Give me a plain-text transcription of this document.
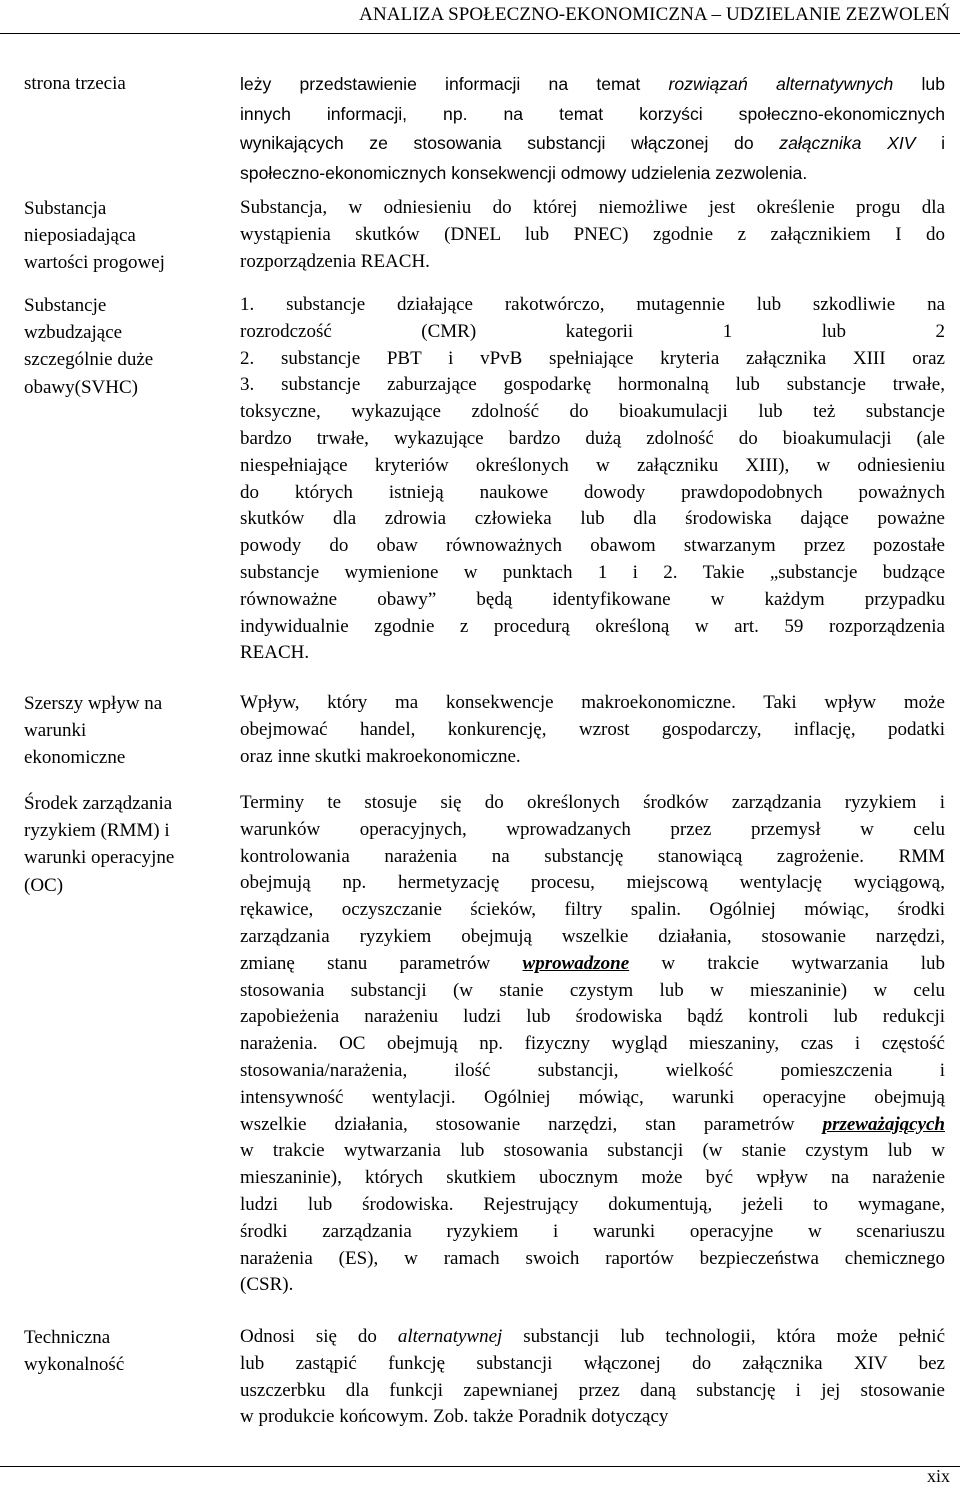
ANALIZA SPOŁECZNO-EKONOMICZNA – UDZIELANIE ZEZWOLEŃ

strona trzecia	leży przedstawienie informacji na temat rozwiązań alternatywnych lub
innych informacji, np. na temat korzyści społeczno-ekonomicznych
wynikających ze stosowania substancji włączonej do załącznika XIV i
społeczno-ekonomicznych konsekwencji odmowy udzielenia zezwolenia.

Substancja
nieposiadająca
wartości progowej

Substancja, w odniesieniu do której niemożliwe jest określenie progu dla
wystąpienia skutków (DNEL lub PNEC) zgodnie z załącznikiem I do
rozporządzenia REACH.

Substancje
wzbudzające
szczególnie duże
obawy(SVHC)

1. substancje działające rakotwórczo, mutagennie lub szkodliwie na
rozrodczość (CMR) kategorii 1 lub 2
2. substancje PBT i vPvB spełniające kryteria załącznika XIII oraz
3. substancje zaburzające gospodarkę hormonalną lub substancje trwałe,
toksyczne, wykazujące zdolność do bioakumulacji lub też substancje
bardzo trwałe, wykazujące bardzo dużą zdolność do bioakumulacji (ale
niespełniające kryteriów określonych w załączniku XIII), w odniesieniu
do których istnieją naukowe dowody prawdopodobnych poważnych
skutków dla zdrowia człowieka lub dla środowiska dające poważne
powody do obaw równoważnych obawom stwarzanym przez pozostałe
substancje wymienione w punktach 1 i 2. Takie „substancje budzące
równoważne obawy” będą identyfikowane w każdym przypadku
indywidualnie zgodnie z procedurą określoną w art. 59 rozporządzenia
REACH.

Szerszy wpływ na
warunki
ekonomiczne

Wpływ, który ma konsekwencje makroekonomiczne. Taki wpływ może
obejmować handel, konkurencję, wzrost gospodarczy, inflację, podatki
oraz inne skutki makroekonomiczne.

Środek zarządzania
ryzykiem (RMM) i
warunki operacyjne
(OC)

Terminy te stosuje się do określonych środków zarządzania ryzykiem i
warunków operacyjnych, wprowadzanych przez przemysł w celu
kontrolowania narażenia na substancję stanowiącą zagrożenie. RMM
obejmują np. hermetyzację procesu, miejscową wentylację wyciągową,
rękawice, oczyszczanie ścieków, filtry spalin. Ogólniej mówiąc, środki
zarządzania ryzykiem obejmują wszelkie działania, stosowanie narzędzi,
zmianę stanu parametrów wprowadzone w trakcie wytwarzania lub
stosowania substancji (w stanie czystym lub w mieszaninie) w celu
zapobieżenia narażeniu ludzi lub środowiska bądź kontroli lub redukcji
narażenia. OC obejmują np. fizyczny wygląd mieszaniny, czas i częstość
stosowania/narażenia, ilość substancji, wielkość pomieszczenia i
intensywność wentylacji. Ogólniej mówiąc, warunki operacyjne obejmują
wszelkie działania, stosowanie narzędzi, stan parametrów przeważających
w trakcie wytwarzania lub stosowania substancji (w stanie czystym lub w
mieszaninie), których skutkiem ubocznym może być wpływ na narażenie
ludzi lub środowiska. Rejestrujący dokumentują, jeżeli to wymagane,
środki zarządzania ryzykiem i warunki operacyjne w scenariuszu
narażenia (ES), w ramach swoich raportów bezpieczeństwa chemicznego
(CSR).

Techniczna
wykonalność

Odnosi się do alternatywnej substancji lub technologii, która może pełnić
lub zastąpić funkcję substancji włączonej do załącznika XIV bez
uszczerbku dla funkcji zapewnianej przez daną substancję i jej stosowanie
w produkcie końcowym. Zob. także Poradnik dotyczący
xix
